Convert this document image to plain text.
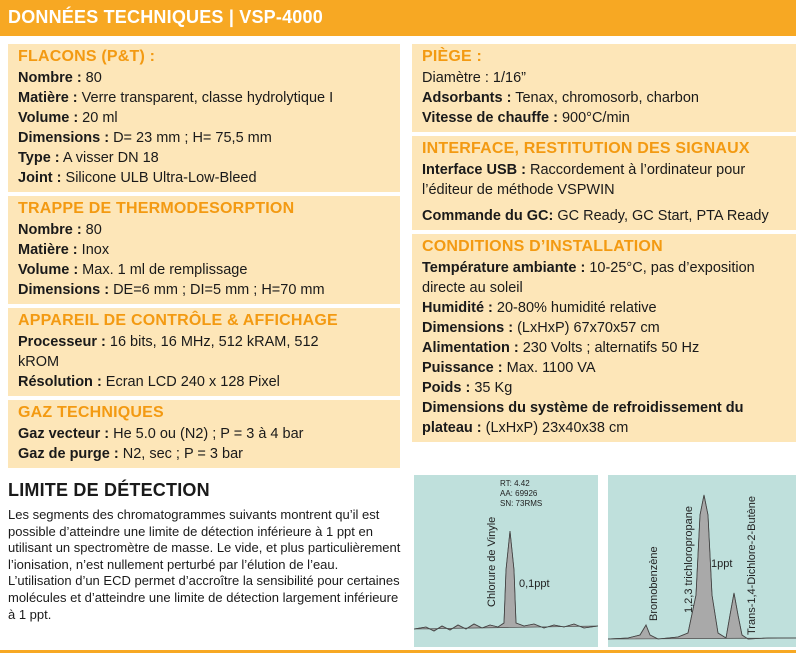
DONNÉES TECHNIQUES | VSP-4000
FLACONS (P&T) :
Nombre : 80
Matière : Verre transparent, classe hydrolytique I
Volume : 20 ml
Dimensions : D= 23 mm ; H= 75,5 mm
Type : A visser DN 18
Joint : Silicone ULB Ultra-Low-Bleed
TRAPPE DE THERMODESORPTION
Nombre : 80
Matière : Inox
Volume : Max. 1 ml de remplissage
Dimensions : DE=6 mm ; DI=5 mm ; H=70 mm
APPAREIL DE CONTRÔLE & AFFICHAGE
Processeur : 16 bits, 16 MHz, 512 kRAM, 512 kROM
Résolution : Ecran LCD 240 x 128 Pixel
GAZ TECHNIQUES
Gaz vecteur : He 5.0 ou (N2) ; P = 3 à 4 bar
Gaz de purge : N2, sec ; P = 3 bar
PIÈGE :
Diamètre : 1/16”
Adsorbants : Tenax, chromosorb, charbon
Vitesse de chauffe : 900°C/min
INTERFACE, RESTITUTION DES SIGNAUX
Interface USB : Raccordement à l’ordinateur pour l’éditeur de méthode VSPWIN
Commande du GC: GC Ready, GC Start, PTA Ready
CONDITIONS D’INSTALLATION
Température ambiante : 10-25°C, pas d’exposition directe au soleil
Humidité : 20-80% humidité relative
Dimensions : (LxHxP) 67x70x57 cm
Alimentation : 230 Volts ; alternatifs 50 Hz
Puissance : Max. 1100 VA
Poids : 35 Kg
Dimensions du système de refroidissement du plateau : (LxHxP) 23x40x38 cm
LIMITE DE DÉTECTION

Les segments des chromatogrammes suivants montrent qu’il est possible d’atteindre une limite de détection inférieure à 1 ppt en utilisant un spectromètre de masse. Le vide, et plus particulièrement l’ionisation, n’est nullement perturbé par l’élution de l’eau. L’utilisation d’un ECD permet d’accroître la sensibilité pour certaines molécules et d’atteindre une limite de détection largement inférieure à 1 ppt.

RT: 4.42
AA: 69926
SN: 73RMS
Chlorure de Vinyle 0,1ppt	Bromobenzène 1,2,3 trichloropropane	Trans-1,4-Dichlore-2-Butène
1ppt
